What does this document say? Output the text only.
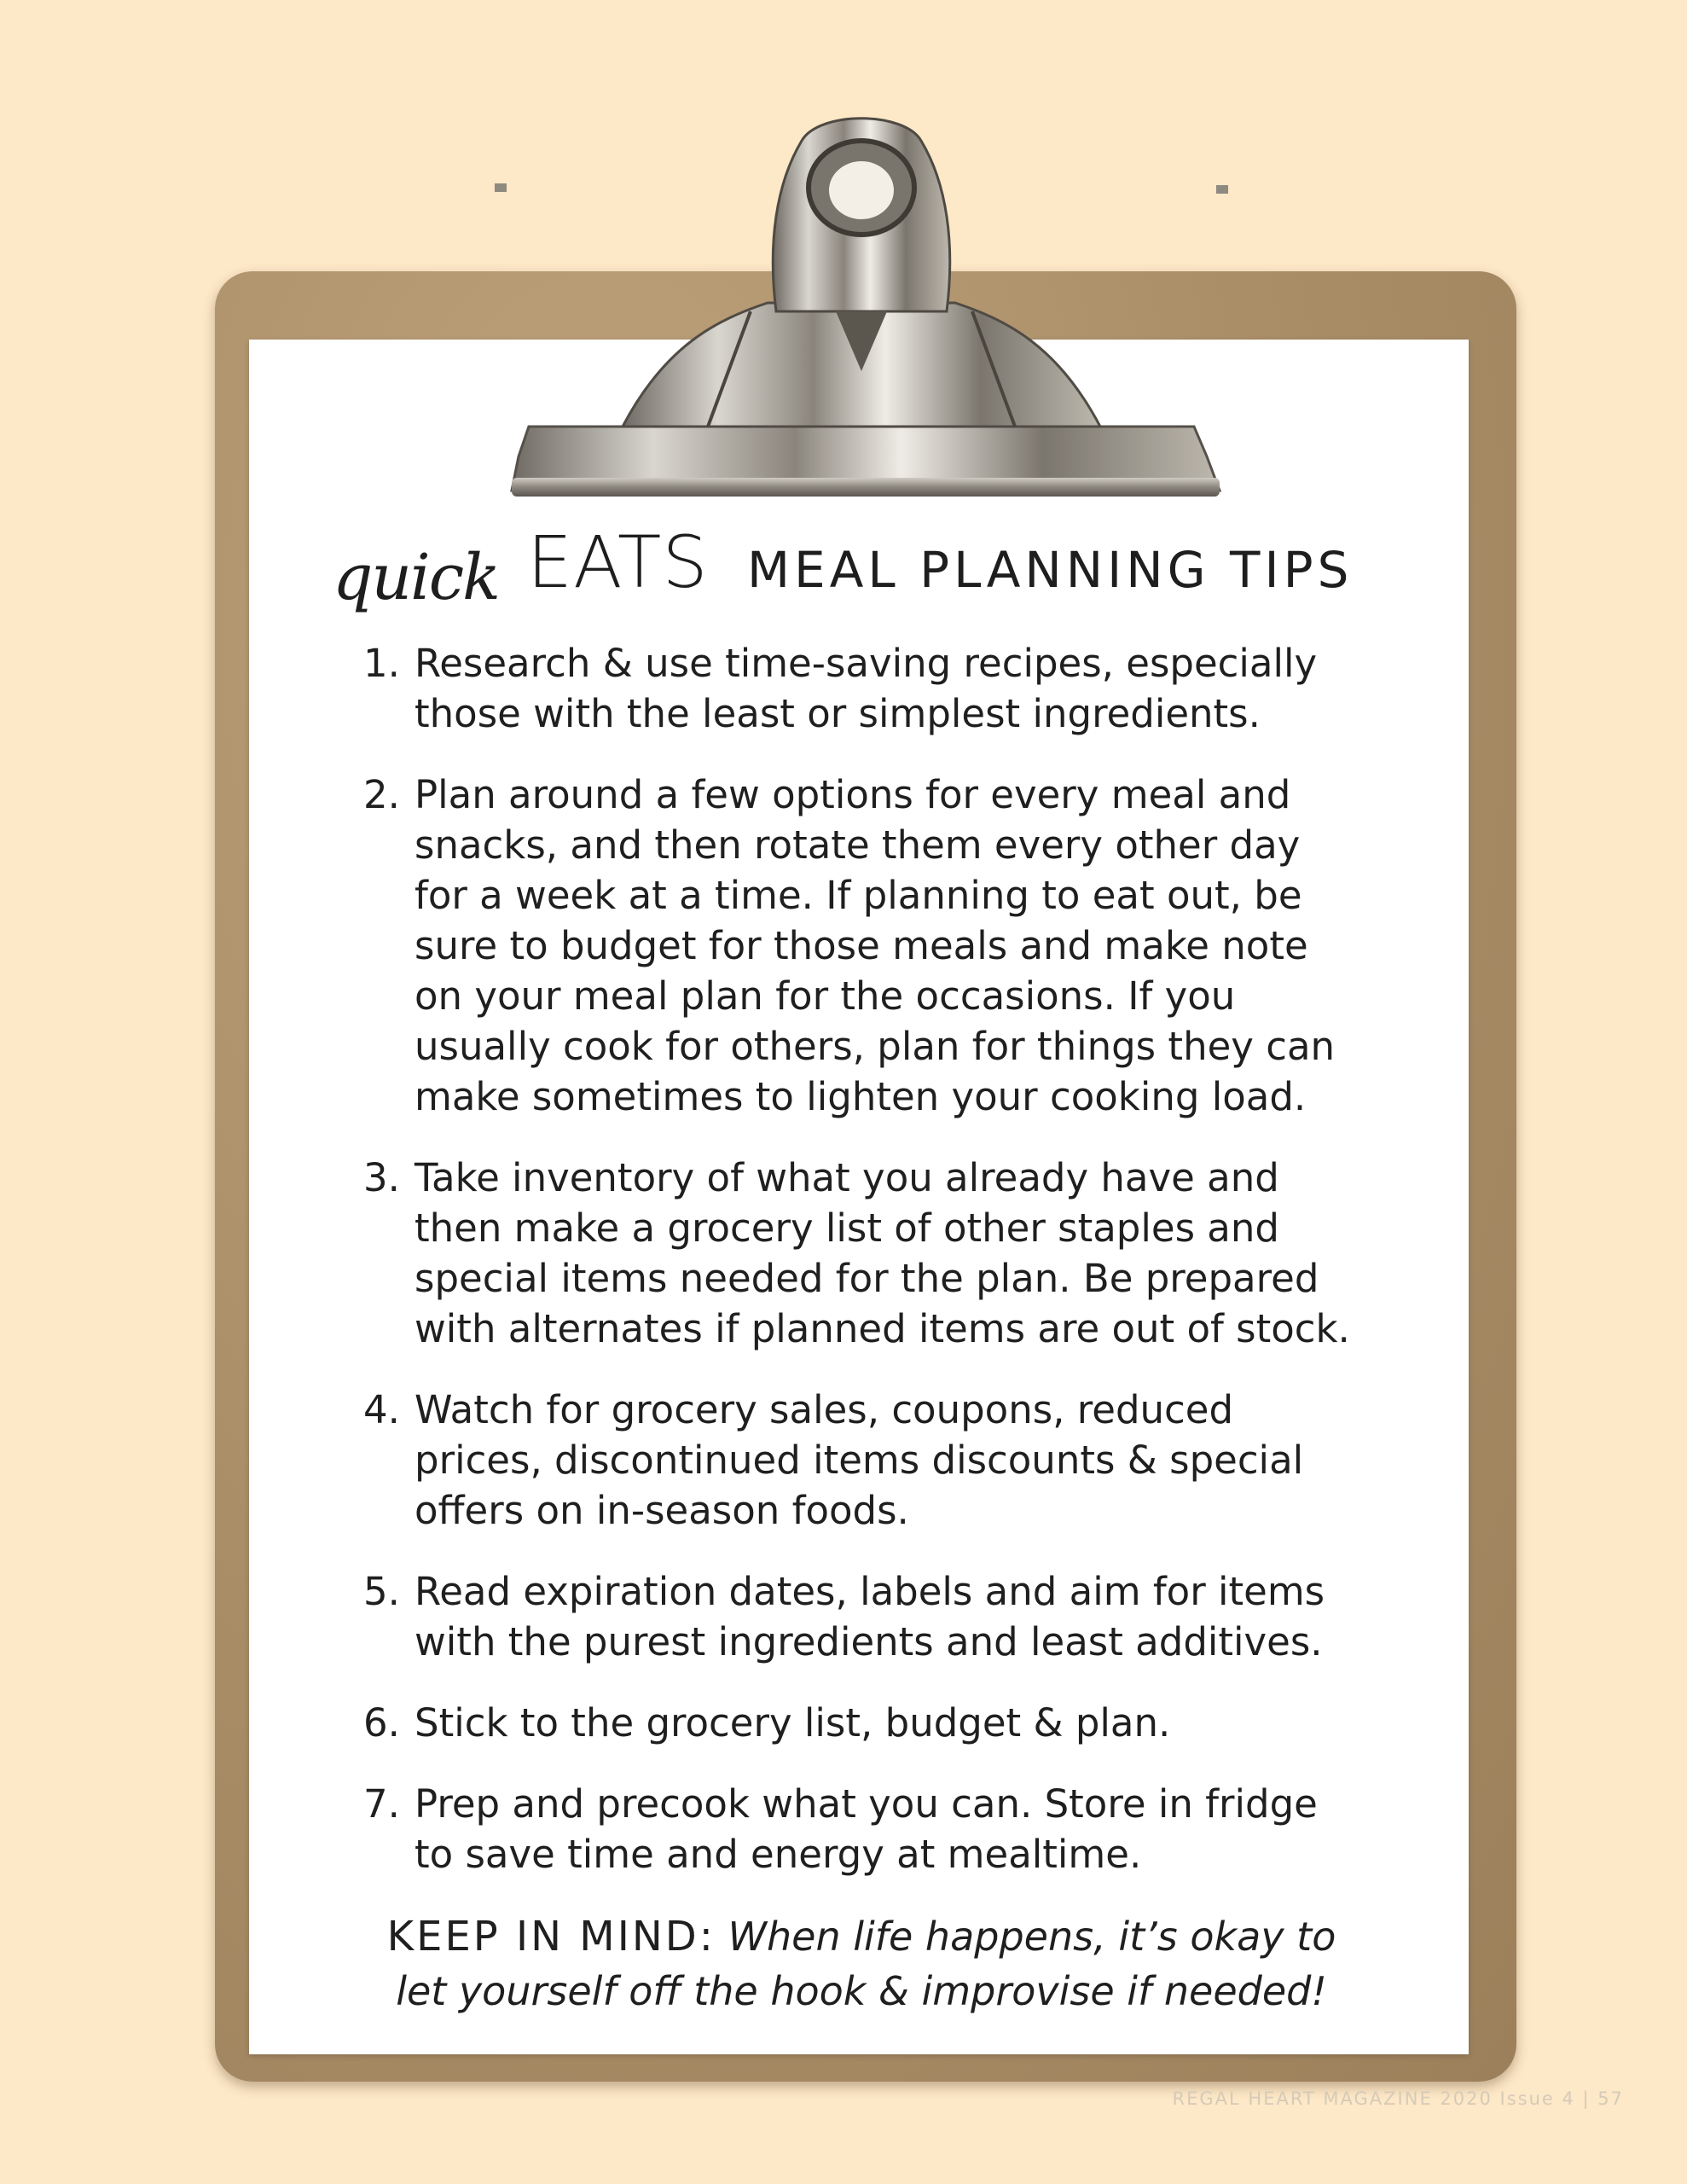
quick EATS MEAL PLANNING TIPS
1. Research & use time-saving recipes, especially
those with the least or simplest ingredients.
2. Plan around a few options for every meal and
snacks, and then rotate them every other day
for a week at a time. If planning to eat out, be
sure to budget for those meals and make note
on your meal plan for the occasions. If you
usually cook for others, plan for things they can
make sometimes to lighten your cooking load.
3. Take inventory of what you already have and
then make a grocery list of other staples and
special items needed for the plan. Be prepared
with alternates if planned items are out of stock.
4. Watch for grocery sales, coupons, reduced
prices, discontinued items discounts & special
offers on in-season foods.
5. Read expiration dates, labels and aim for items
with the purest ingredients and least additives.
6. Stick to the grocery list, budget & plan.
7. Prep and precook what you can. Store in fridge
to save time and energy at mealtime.
KEEP IN MIND: When life happens, it’s okay to
let yourself off the hook & improvise if needed!
REGAL HEART MAGAZINE 2020 Issue 4 | 57
